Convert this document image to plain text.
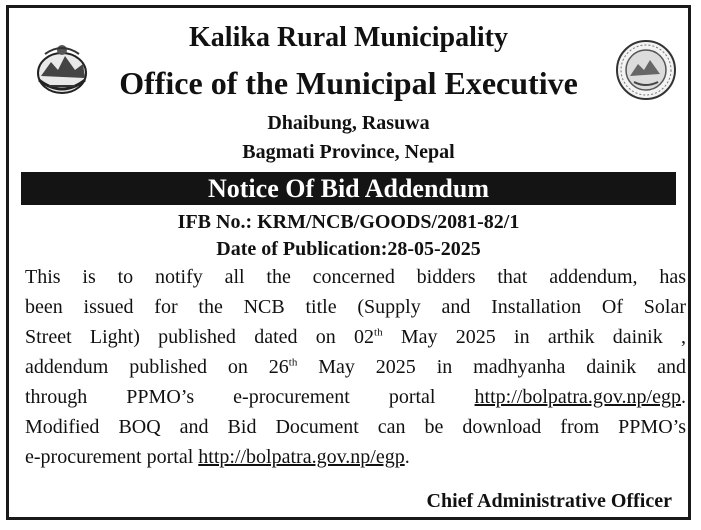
Kalika Rural Municipality
Office of the Municipal Executive
Dhaibung, Rasuwa
Bagmati Province, Nepal
Notice Of Bid Addendum
IFB No.: KRM/NCB/GOODS/2081-82/1
Date of Publication:28-05-2025
This is to notify all the concerned bidders that addendum, has
been issued for the NCB title (Supply and Installation Of Solar
Street Light) published dated on 02th May 2025 in arthik dainik ,
addendum published on 26th May 2025 in madhyanha dainik and
through PPMO’s e-procurement portal http://bolpatra.gov.np/egp.
Modified BOQ and Bid Document can be download from PPMO’s
e-procurement portal http://bolpatra.gov.np/egp.
Chief Administrative Officer
